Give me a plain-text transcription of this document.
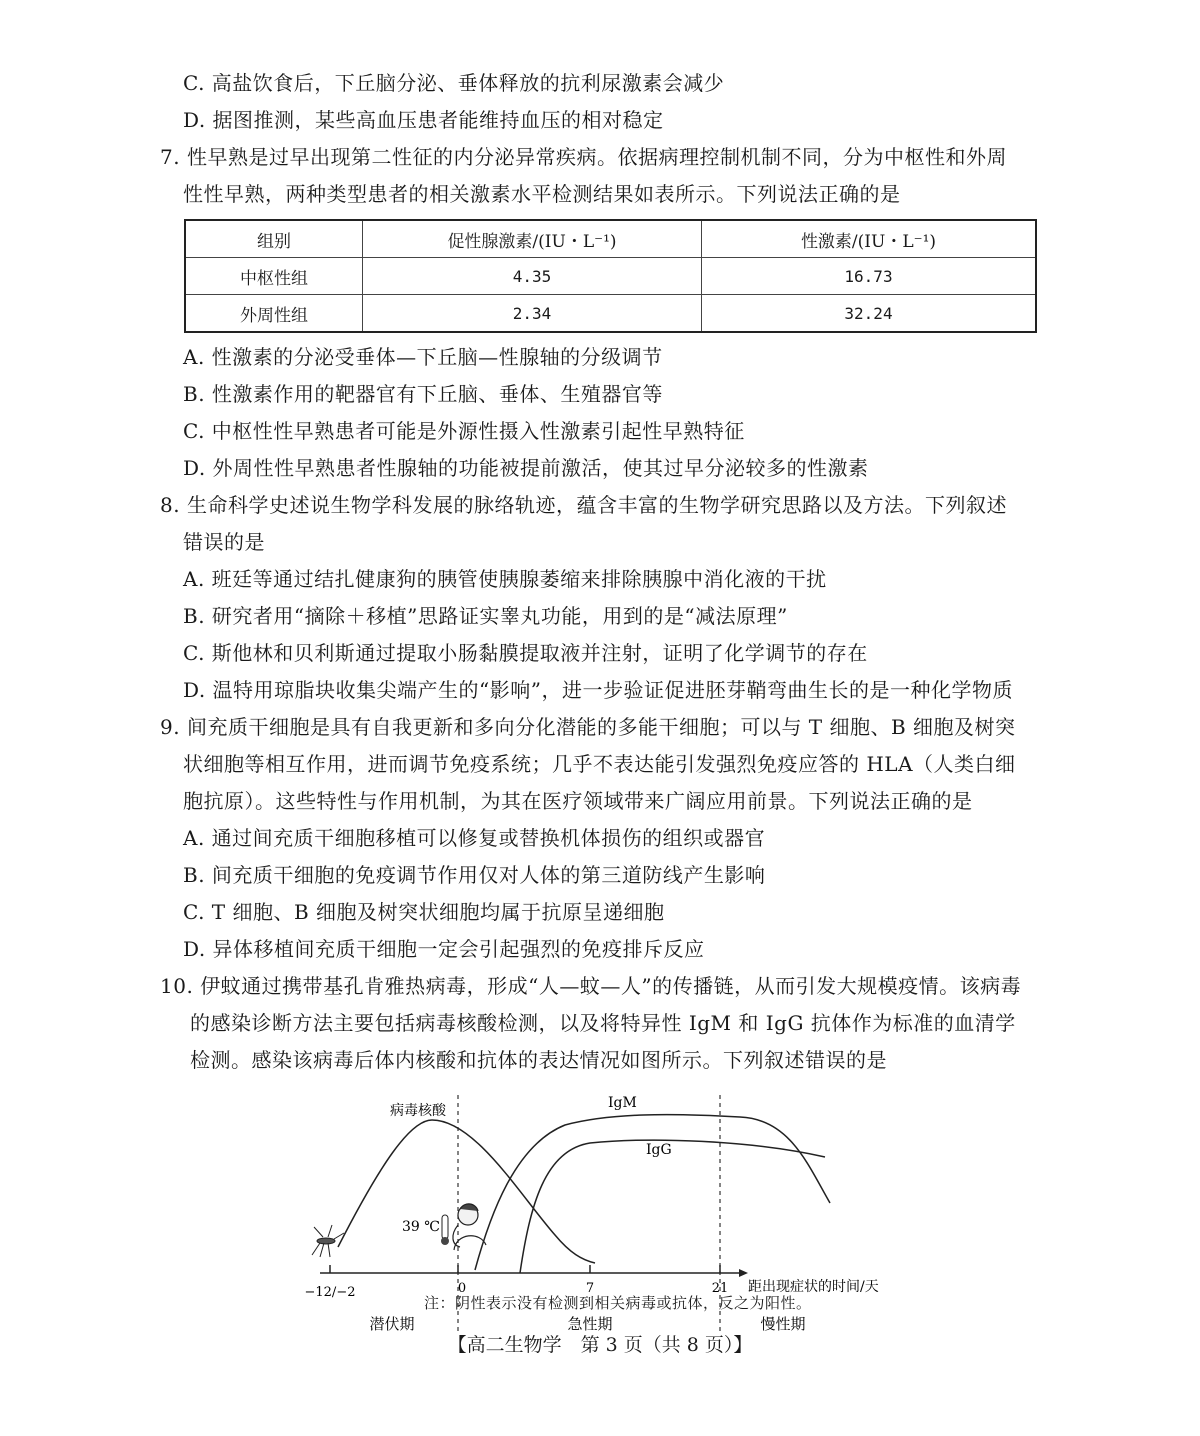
C. 高盐饮食后，下丘脑分泌、垂体释放的抗利尿激素会减少
D. 据图推测，某些高血压患者能维持血压的相对稳定
7. 性早熟是过早出现第二性征的内分泌异常疾病。依据病理控制机制不同，分为中枢性和外周
性性早熟，两种类型患者的相关激素水平检测结果如表所示。下列说法正确的是
组别	促性腺激素/(IU・L⁻¹)	性激素/(IU・L⁻¹)
中枢性组	4.35	16.73
外周性组	2.34	32.24
A. 性激素的分泌受垂体—下丘脑—性腺轴的分级调节
B. 性激素作用的靶器官有下丘脑、垂体、生殖器官等
C. 中枢性性早熟患者可能是外源性摄入性激素引起性早熟特征
D. 外周性性早熟患者性腺轴的功能被提前激活，使其过早分泌较多的性激素
8. 生命科学史述说生物学科发展的脉络轨迹，蕴含丰富的生物学研究思路以及方法。下列叙述
错误的是
A. 班廷等通过结扎健康狗的胰管使胰腺萎缩来排除胰腺中消化液的干扰
B. 研究者用“摘除＋移植”思路证实睾丸功能，用到的是“减法原理”
C. 斯他林和贝利斯通过提取小肠黏膜提取液并注射，证明了化学调节的存在
D. 温特用琼脂块收集尖端产生的“影响”，进一步验证促进胚芽鞘弯曲生长的是一种化学物质
9. 间充质干细胞是具有自我更新和多向分化潜能的多能干细胞；可以与 T 细胞、B 细胞及树突
状细胞等相互作用，进而调节免疫系统；几乎不表达能引发强烈免疫应答的 HLA（人类白细
胞抗原）。这些特性与作用机制，为其在医疗领域带来广阔应用前景。下列说法正确的是
A. 通过间充质干细胞移植可以修复或替换机体损伤的组织或器官
B. 间充质干细胞的免疫调节作用仅对人体的第三道防线产生影响
C. T 细胞、B 细胞及树突状细胞均属于抗原呈递细胞
D. 异体移植间充质干细胞一定会引起强烈的免疫排斥反应
10. 伊蚊通过携带基孔肯雅热病毒，形成“人—蚊—人”的传播链，从而引发大规模疫情。该病毒
的感染诊断方法主要包括病毒核酸检测，以及将特异性 IgM 和 IgG 抗体作为标准的血清学
检测。感染该病毒后体内核酸和抗体的表达情况如图所示。下列叙述错误的是
病毒核酸	IgM
IgG
39 ℃
−12/−2	0	7	21 距出现症状的时间/天
潜伏期	急性期	慢性期
注：阴性表示没有检测到相关病毒或抗体，反之为阳性。
【高二生物学　第 3 页（共 8 页）】
